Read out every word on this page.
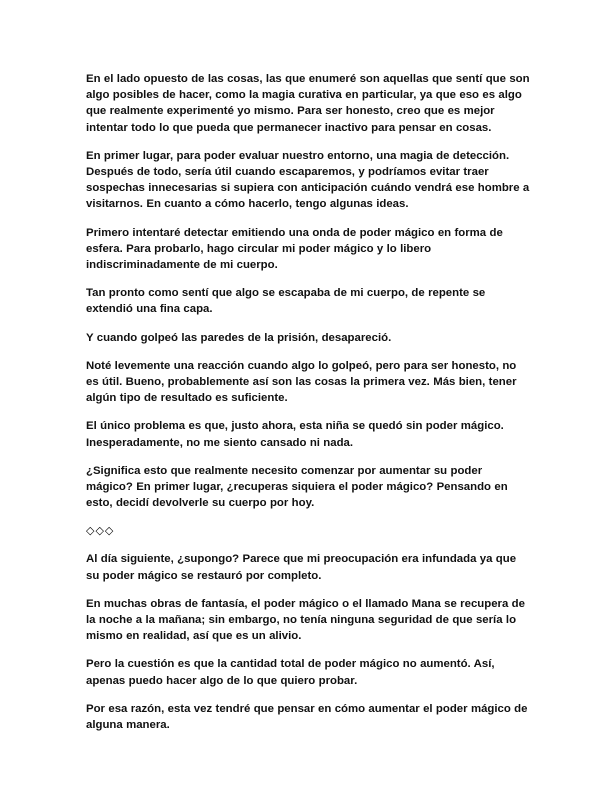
En el lado opuesto de las cosas, las que enumeré son aquellas que sentí que son algo posibles de hacer, como la magia curativa en particular, ya que eso es algo que realmente experimenté yo mismo. Para ser honesto, creo que es mejor intentar todo lo que pueda que permanecer inactivo para pensar en cosas.

En primer lugar, para poder evaluar nuestro entorno, una magia de detección. Después de todo, sería útil cuando escaparemos, y podríamos evitar traer sospechas innecesarias si supiera con anticipación cuándo vendrá ese hombre a visitarnos. En cuanto a cómo hacerlo, tengo algunas ideas.

Primero intentaré detectar emitiendo una onda de poder mágico en forma de esfera. Para probarlo, hago circular mi poder mágico y lo libero indiscriminadamente de mi cuerpo.

Tan pronto como sentí que algo se escapaba de mi cuerpo, de repente se extendió una fina capa.

Y cuando golpeó las paredes de la prisión, desapareció.

Noté levemente una reacción cuando algo lo golpeó, pero para ser honesto, no es útil. Bueno, probablemente así son las cosas la primera vez. Más bien, tener algún tipo de resultado es suficiente.

El único problema es que, justo ahora, esta niña se quedó sin poder mágico. Inesperadamente, no me siento cansado ni nada.

¿Significa esto que realmente necesito comenzar por aumentar su poder mágico? En primer lugar, ¿recuperas siquiera el poder mágico? Pensando en esto, decidí devolverle su cuerpo por hoy.

◇◇◇

Al día siguiente, ¿supongo? Parece que mi preocupación era infundada ya que su poder mágico se restauró por completo.

En muchas obras de fantasía, el poder mágico o el llamado Mana se recupera de la noche a la mañana; sin embargo, no tenía ninguna seguridad de que sería lo mismo en realidad, así que es un alivio.

Pero la cuestión es que la cantidad total de poder mágico no aumentó. Así, apenas puedo hacer algo de lo que quiero probar.

Por esa razón, esta vez tendré que pensar en cómo aumentar el poder mágico de alguna manera.
